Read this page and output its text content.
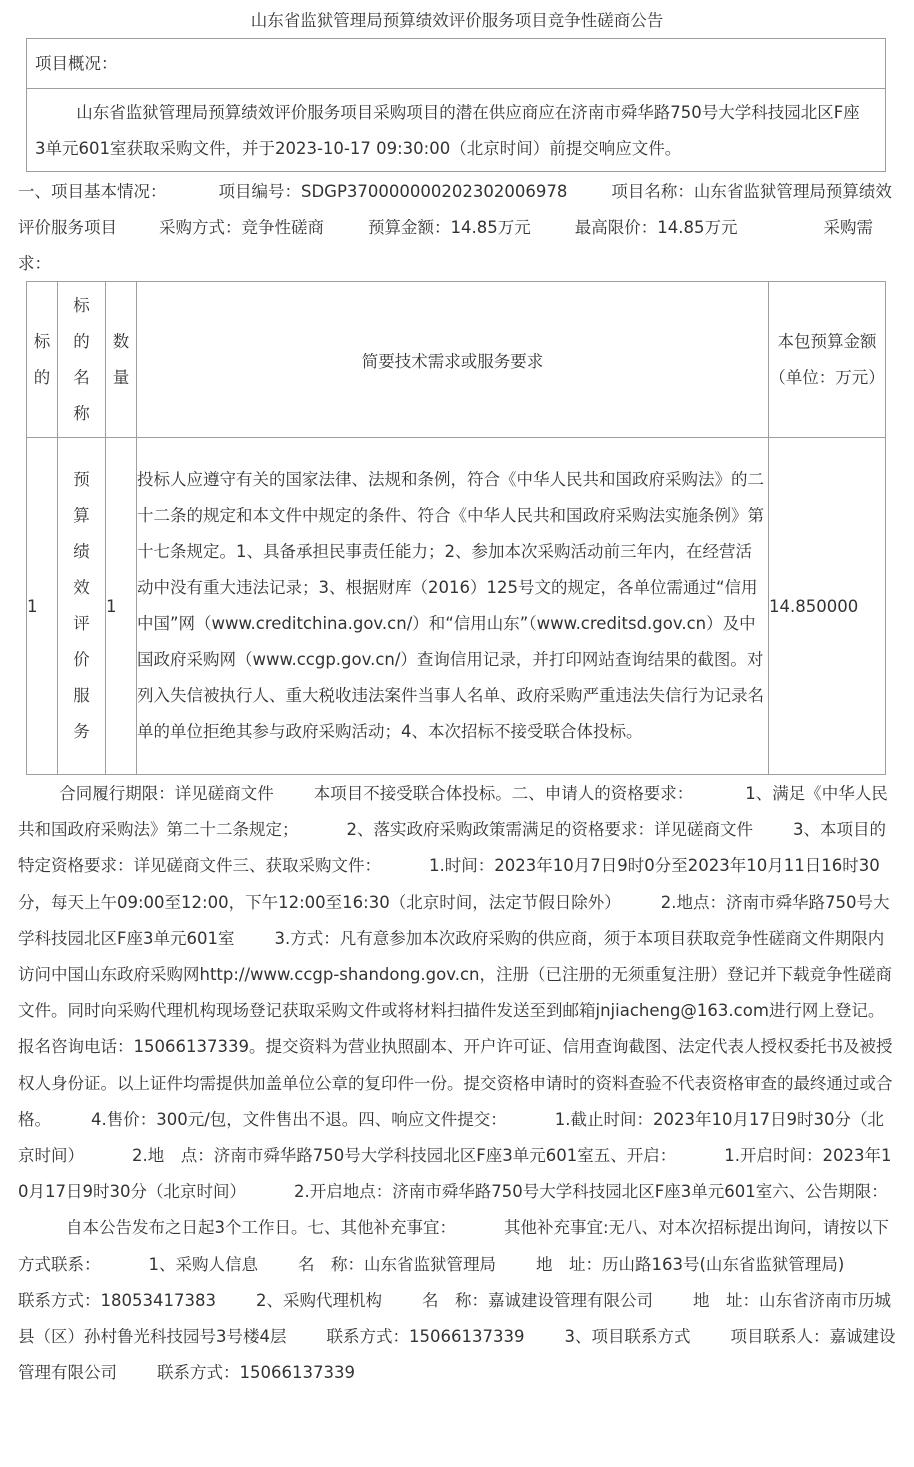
山东省监狱管理局预算绩效评价服务项目竞争性磋商公告
项目概况：
山东省监狱管理局预算绩效评价服务项目采购项目的潜在供应商应在济南市舜华路750号大学科技园北区F座3单元601室获取采购文件，并于2023-10-17 09:30:00（北京时间）前提交响应文件。
一、项目基本情况：	项目编号：SDGP370000000202302006978	项目名称：山东省监狱管理局预算绩效评价服务项目	采购方式：竞争性磋商	预算金额：14.85万元	最高限价：14.85万元	采购需求：
标的	标的名称	数量	简要技术需求或服务要求	本包预算金额（单位：万元）
1	预算绩效评价服务	1	投标人应遵守有关的国家法律、法规和条例，符合《中华人民共和国政府采购法》的二十二条的规定和本文件中规定的条件、符合《中华人民共和国政府采购法实施条例》第十七条规定。1、具备承担民事责任能力；2、参加本次采购活动前三年内，在经营活动中没有重大违法记录；3、根据财库（2016）125号文的规定，各单位需通过“信用中国”网（www.creditchina.gov.cn/）和“信用山东”（www.creditsd.gov.cn）及中国政府采购网（www.ccgp.gov.cn/）查询信用记录，并打印网站查询结果的截图。对列入失信被执行人、重大税收违法案件当事人名单、政府采购严重违法失信行为记录名单的单位拒绝其参与政府采购活动；4、本次招标不接受联合体投标。	14.850000
合同履行期限：详见磋商文件 本项目不接受联合体投标。二、申请人的资格要求：	1、满足《中华人民共和国政府采购法》第二十二条规定；	2、落实政府采购政策需满足的资格要求：详见磋商文件 3、本项目的特定资格要求：详见磋商文件三、获取采购文件：	1.时间：2023年10月7日9时0分至2023年10月11日16时30分，每天上午09:00至12:00，下午12:00至16:30（北京时间，法定节假日除外） 2.地点：济南市舜华路750号大学科技园北区F座3单元601室 3.方式：凡有意参加本次政府采购的供应商，须于本项目获取竞争性磋商文件期限内访问中国山东政府采购网http://www.ccgp-shandong.gov.cn，注册（已注册的无须重复注册）登记并下载竞争性磋商文件。同时向采购代理机构现场登记获取采购文件或将材料扫描件发送至到邮箱jnjiacheng@163.com进行网上登记。报名咨询电话：15066137339。提交资料为营业执照副本、开户许可证、信用查询截图、法定代表人授权委托书及被授权人身份证。以上证件均需提供加盖单位公章的复印件一份。提交资格申请时的资料查验不代表资格审查的最终通过或合格。 4.售价：300元/包，文件售出不退。四、响应文件提交：	1.截止时间：2023年10月17日9时30分（北京时间）	2.地　点：济南市舜华路750号大学科技园北区F座3单元601室五、开启：	1.开启时间：2023年10月17日9时30分（北京时间）	2.开启地点：济南市舜华路750号大学科技园北区F座3单元601室六、公告期限：自本公告发布之日起3个工作日。七、其他补充事宜：	其他补充事宜:无八、对本次招标提出询问，请按以下方式联系：	1、采购人信息 名　称：山东省监狱管理局 地　址：历山路163号(山东省监狱管理局)联系方式：18053417383 2、采购代理机构 名　称：嘉诚建设管理有限公司 地　址：山东省济南市历城县（区）孙村鲁光科技园号3号楼4层 联系方式：15066137339 3、项目联系方式 项目联系人：嘉诚建设管理有限公司 联系方式：15066137339
